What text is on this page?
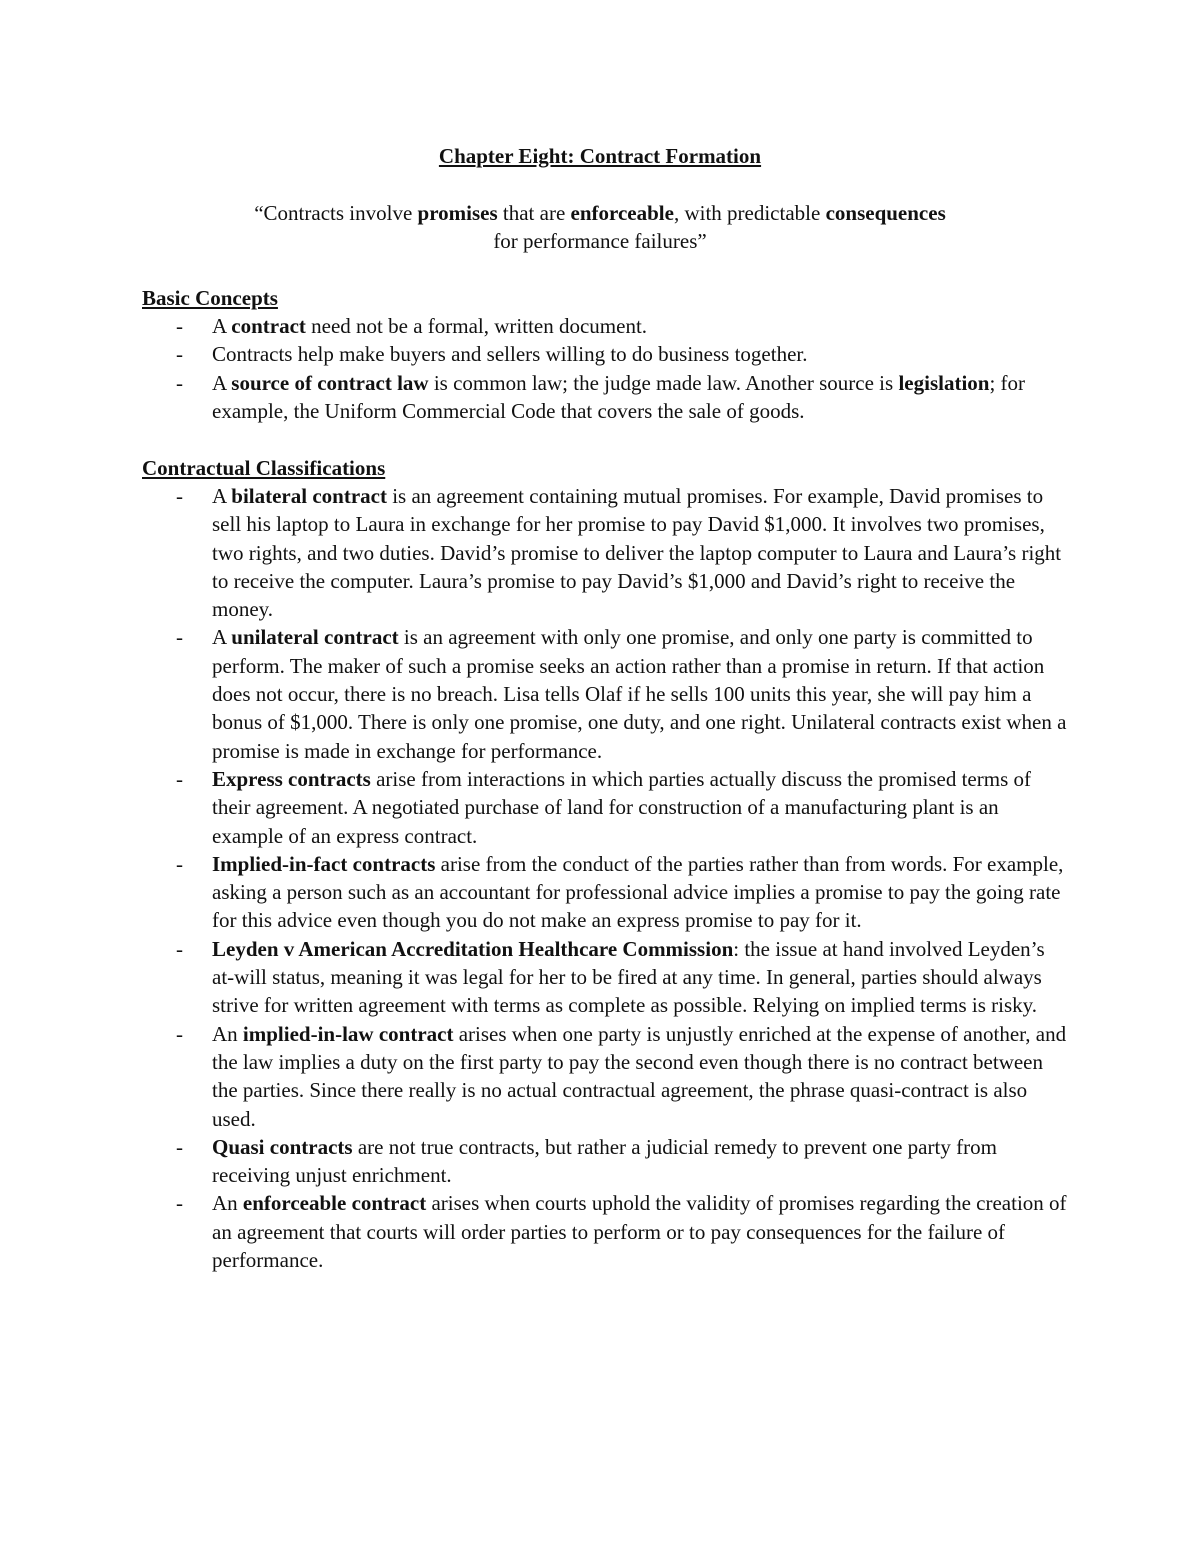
Chapter Eight: Contract Formation

“Contracts involve promises that are enforceable, with predictable consequences for performance failures”

Basic Concepts
- A contract need not be a formal, written document.
- Contracts help make buyers and sellers willing to do business together.
- A source of contract law is common law; the judge made law. Another source is legislation; for example, the Uniform Commercial Code that covers the sale of goods.
Contractual Classifications
- A bilateral contract is an agreement containing mutual promises. For example, David promises to sell his laptop to Laura in exchange for her promise to pay David $1,000. It involves two promises, two rights, and two duties. David’s promise to deliver the laptop computer to Laura and Laura’s right to receive the computer. Laura’s promise to pay David’s $1,000 and David’s right to receive the money.
- A unilateral contract is an agreement with only one promise, and only one party is committed to perform. The maker of such a promise seeks an action rather than a promise in return. If that action does not occur, there is no breach. Lisa tells Olaf if he sells 100 units this year, she will pay him a bonus of $1,000. There is only one promise, one duty, and one right. Unilateral contracts exist when a promise is made in exchange for performance.
- Express contracts arise from interactions in which parties actually discuss the promised terms of their agreement. A negotiated purchase of land for construction of a manufacturing plant is an example of an express contract.
- Implied-in-fact contracts arise from the conduct of the parties rather than from words. For example, asking a person such as an accountant for professional advice implies a promise to pay the going rate for this advice even though you do not make an express promise to pay for it.
- Leyden v American Accreditation Healthcare Commission: the issue at hand involved Leyden’s at-will status, meaning it was legal for her to be fired at any time. In general, parties should always strive for written agreement with terms as complete as possible. Relying on implied terms is risky.
- An implied-in-law contract arises when one party is unjustly enriched at the expense of another, and the law implies a duty on the first party to pay the second even though there is no contract between the parties. Since there really is no actual contractual agreement, the phrase quasi-contract is also used.
- Quasi contracts are not true contracts, but rather a judicial remedy to prevent one party from receiving unjust enrichment.
- An enforceable contract arises when courts uphold the validity of promises regarding the creation of an agreement that courts will order parties to perform or to pay consequences for the failure of performance.
